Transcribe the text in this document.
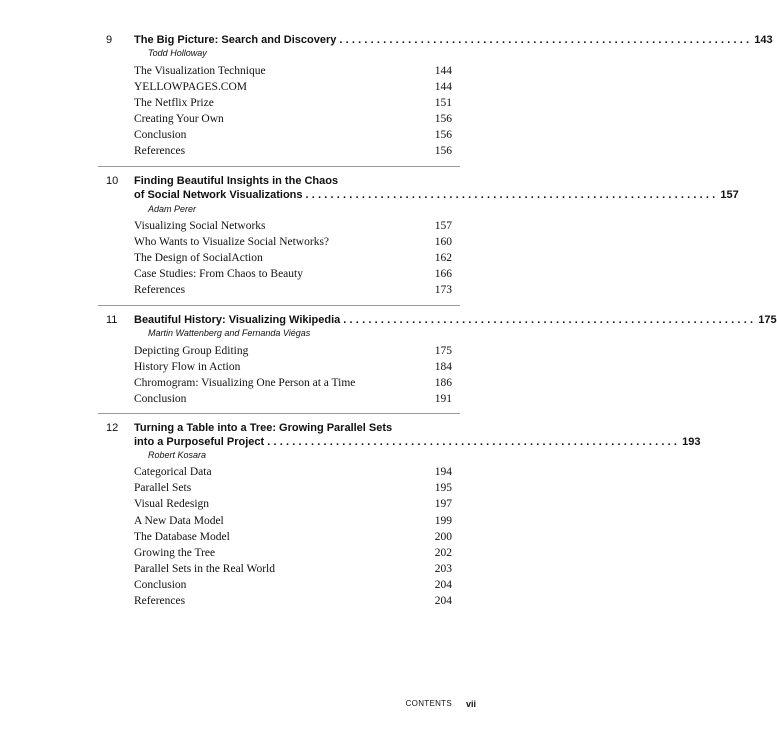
9 The Big Picture: Search and Discovery .................................................................. 143
Todd Holloway
The Visualization Technique	144
YELLOWPAGES.COM	144
The Netflix Prize	151
Creating Your Own	156
Conclusion	156
References	156
10 Finding Beautiful Insights in the Chaos
of Social Network Visualizations .................................................................. 157
Adam Perer
Visualizing Social Networks	157
Who Wants to Visualize Social Networks?	160
The Design of SocialAction	162
Case Studies: From Chaos to Beauty	166
References	173
11 Beautiful History: Visualizing Wikipedia .................................................................. 175
Martin Wattenberg and Fernanda Viégas
Depicting Group Editing	175
History Flow in Action	184
Chromogram: Visualizing One Person at a Time	186
Conclusion	191
12 Turning a Table into a Tree: Growing Parallel Sets
into a Purposeful Project .................................................................. 193
Robert Kosara
Categorical Data	194
Parallel Sets	195
Visual Redesign	197
A New Data Model	199
The Database Model	200
Growing the Tree	202
Parallel Sets in the Real World	203
Conclusion	204
References	204
CONTENTS vii
